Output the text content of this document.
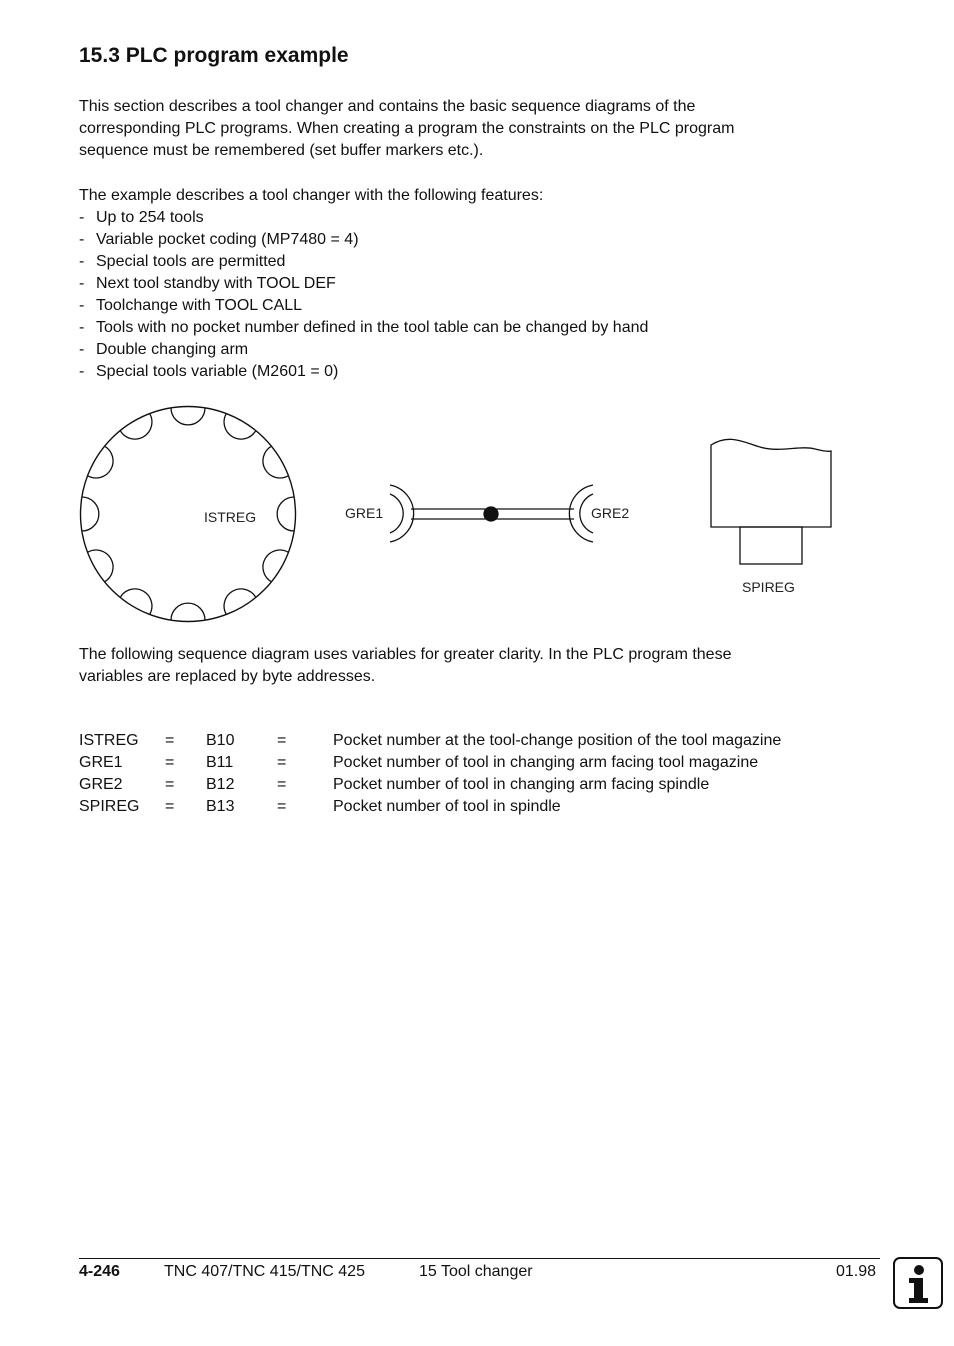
15.3 PLC program example

This section describes a tool changer and contains the basic sequence diagrams of the
corresponding PLC programs. When creating a program the constraints on the PLC program
sequence must be remembered (set buffer markers etc.).

The example describes a tool changer with the following features:

- Up to 254 tools
- Variable pocket coding (MP7480 = 4)
- Special tools are permitted
- Next tool standby with TOOL DEF
- Toolchange with TOOL CALL
- Tools with no pocket number defined in the tool table can be changed by hand
- Double changing arm
- Special tools variable (M2601 = 0)
ISTREG	GRE1	GRE2
SPIREG

The following sequence diagram uses variables for greater clarity. In the PLC program these
variables are replaced by byte addresses.

ISTREG	=	B10	=	Pocket number at the tool-change position of the tool magazine
GRE1	=	B11	=	Pocket number of tool in changing arm facing tool magazine
GRE2	=	B12	=	Pocket number of tool in changing arm facing spindle
SPIREG	=	B13	=	Pocket number of tool in spindle
4-246	TNC 407/TNC 415/TNC 425	15 Tool changer	01.98
